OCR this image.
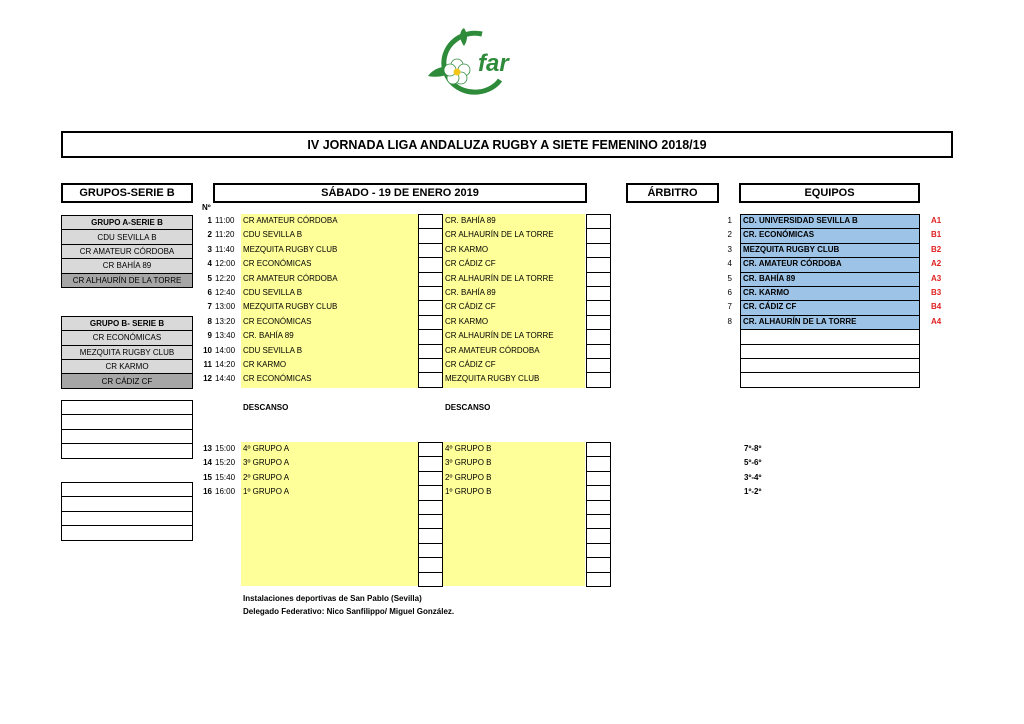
far
IV JORNADA LIGA ANDALUZA RUGBY A SIETE FEMENINO 2018/19
GRUPOS-SERIE B	SÁBADO - 19 DE ENERO 2019	ÁRBITRO	EQUIPOS
Nº
GRUPO A-SERIE B
CDU SEVILLA B
CR AMATEUR CÓRDOBA
CR BAHÍA 89
CR ALHAURÍN DE LA TORRE
GRUPO B- SERIE B
CR ECONÓMICAS
MEZQUITA RUGBY CLUB
CR KARMO
CR CÁDIZ CF
1 11:00 CR AMATEUR CÓRDOBA	CR. BAHÍA 89
2 11:20 CDU SEVILLA B	CR ALHAURÍN DE LA TORRE
3 11:40 MEZQUITA RUGBY CLUB	CR KARMO
4 12:00 CR ECONÓMICAS	CR CÁDIZ CF
5 12:20 CR AMATEUR CÓRDOBA	CR ALHAURÍN DE LA TORRE
6 12:40 CDU SEVILLA B	CR. BAHÍA 89
7 13:00 MEZQUITA RUGBY CLUB	CR CÁDIZ CF
8 13:20 CR ECONÓMICAS	CR KARMO
9 13:40 CR. BAHÍA 89	CR ALHAURÍN DE LA TORRE
10 14:00 CDU SEVILLA B	CR AMATEUR CÓRDOBA
11 14:20 CR KARMO	CR CÁDIZ CF
12 14:40 CR ECONÓMICAS	MEZQUITA RUGBY CLUB
13 15:00 4º GRUPO A	4º GRUPO B	7º-8º
14 15:20 3º GRUPO A	3º GRUPO B	5º-6º
15 15:40 2º GRUPO A	2º GRUPO B	3º-4º
16 16:00 1º GRUPO A	1º GRUPO B	1º-2º
1	CD. UNIVERSIDAD SEVILLA B	A1
2	CR. ECONÓMICAS	B1
3	MEZQUITA RUGBY CLUB	B2
4	CR. AMATEUR CÓRDOBA	A2
5	CR. BAHÍA 89	A3
6	CR. KARMO	B3
7	CR. CÁDIZ CF	B4
8	CR. ALHAURÍN DE LA TORRE	A4
DESCANSO	DESCANSO
Instalaciones deportivas de San Pablo (Sevilla)
Delegado Federativo: Nico Sanfilippo/ Miguel González.
